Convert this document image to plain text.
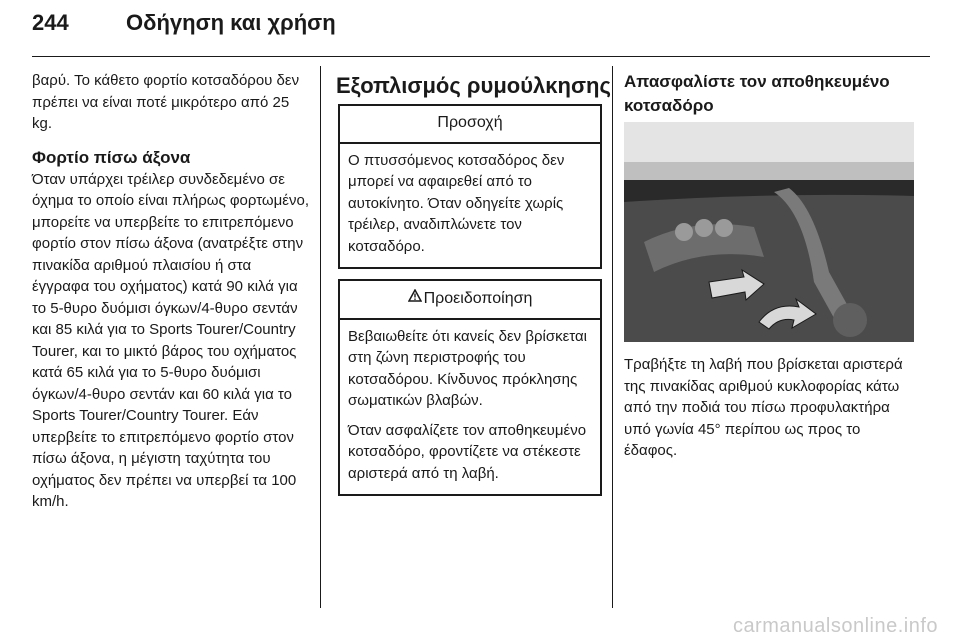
244	Οδήγηση και χρήση

βαρύ. Το κάθετο φορτίο κοτσαδόρου δεν πρέπει να είναι ποτέ μικρότερο από 25 kg.

Φορτίο πίσω άξονα

Όταν υπάρχει τρέιλερ συνδεδεμένο σε όχημα το οποίο είναι πλήρως φορτωμένο, μπορείτε να υπερβείτε το επιτρεπόμενο φορτίο στον πίσω άξονα (ανατρέξτε στην πινακίδα αριθμού πλαισίου ή στα έγγραφα του οχήματος) κατά 90 κιλά για το 5-θυρο δυόμισι όγκων/4-θυρο σεντάν και 85 κιλά για το Sports Tourer/Country Tourer, και το μικτό βάρος του οχήματος κατά 65 κιλά για το 5-θυρο δυόμισι όγκων/4-θυρο σεντάν και 60 κιλά για το Sports Tourer/Country Tourer. Εάν υπερβείτε το επιτρεπόμενο φορτίο στον πίσω άξονα, η μέγιστη ταχύτητα του οχήματος δεν πρέπει να υπερβεί τα 100 km/h.

Εξοπλισμός ρυμούλκησης
Προσοχή

Ο πτυσσόμενος κοτσαδόρος δεν μπορεί να αφαιρεθεί από το αυτοκίνητο. Όταν οδηγείτε χωρίς τρέιλερ, αναδιπλώνετε τον κοτσαδόρο.

Προειδοποίηση

Βεβαιωθείτε ότι κανείς δεν βρίσκεται στη ζώνη περιστροφής του κοτσαδόρου. Κίνδυνος πρόκλησης σωματικών βλαβών.

Όταν ασφαλίζετε τον αποθηκευμένο κοτσαδόρο, φροντίζετε να στέκεστε αριστερά από τη λαβή.

Απασφαλίστε τον αποθηκευμένο κοτσαδόρο

Τραβήξτε τη λαβή που βρίσκεται αριστερά της πινακίδας αριθμού κυκλοφορίας κάτω από την ποδιά του πίσω προφυλακτήρα υπό γωνία 45° περίπου ως προς το έδαφος.

carmanualsonline.info
